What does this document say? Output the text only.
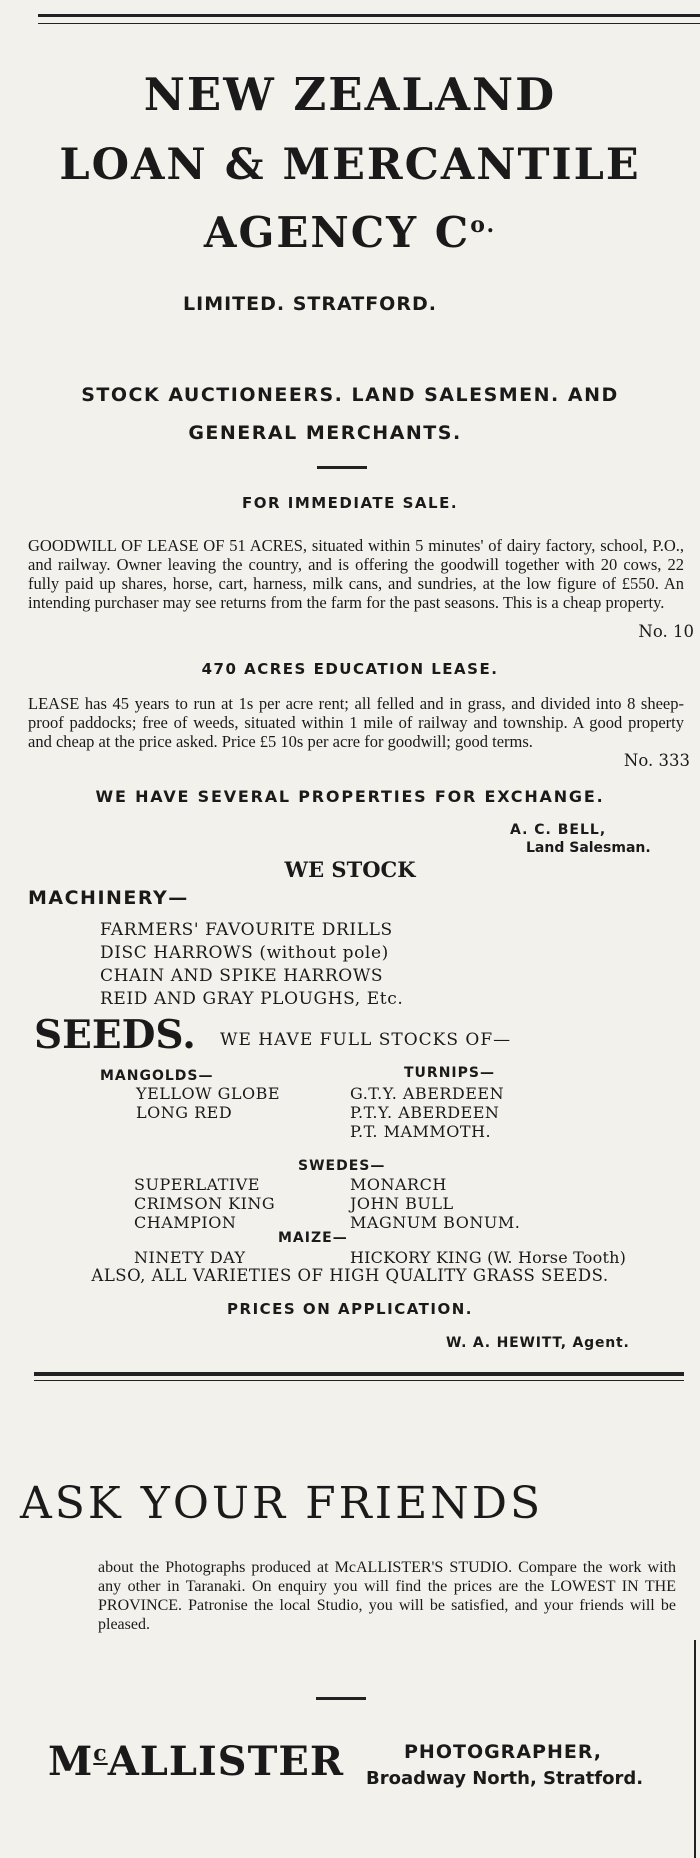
NEW ZEALAND
LOAN & MERCANTILE
AGENCY $C^{o.}$
LIMITED. STRATFORD.
STOCK AUCTIONEERS. LAND SALESMEN. AND
GENERAL MERCHANTS.
FOR IMMEDIATE SALE.
GOODWILL OF LEASE OF 51 ACRES, situated within 5 minutes' of dairy factory, school, P.O., and railway. Owner leaving the country, and is offering the goodwill together with 20 cows, 22 fully paid up shares, horse, cart, harness, milk cans, and sundries, at the low figure of £550. An intending purchaser may see returns from the farm for the past seasons. This is a cheap property.
No. 10
470 ACRES EDUCATION LEASE.
LEASE has 45 years to run at 1s per acre rent; all felled and in grass, and divided into 8 sheep-proof paddocks; free of weeds, situated within 1 mile of railway and township. A good property and cheap at the price asked. Price £5 10s per acre for goodwill; good terms.
No. 333
WE HAVE SEVERAL PROPERTIES FOR EXCHANGE.
A. C. BELL,
Land Salesman.
WE STOCK
MACHINERY—
FARMERS' FAVOURITE DRILLS
DISC HARROWS (without pole)
CHAIN AND SPIKE HARROWS
REID AND GRAY PLOUGHS, Etc.
SEEDS. WE HAVE FULL STOCKS OF—
MANGOLDS—
YELLOW GLOBE
LONG RED
TURNIPS—
G.T.Y. ABERDEEN
P.T.Y. ABERDEEN
P.T. MAMMOTH.
SWEDES—
SUPERLATIVE
CRIMSON KING
CHAMPION
MONARCH
JOHN BULL
MAGNUM BONUM.
MAIZE—
NINETY DAY	HICKORY KING (W. Horse Tooth)
ALSO, ALL VARIETIES OF HIGH QUALITY GRASS SEEDS.
PRICES ON APPLICATION.
W. A. HEWITT, Agent.
ASK YOUR FRIENDS
about the Photographs produced at McALLISTER'S STUDIO. Compare the work with any other in Taranaki. On enquiry you will find the prices are the LOWEST IN THE PROVINCE. Patronise the local Studio, you will be satisfied, and your friends will be pleased.
$M^cALLISTER$	PHOTOGRAPHER,
Broadway North, Stratford.
